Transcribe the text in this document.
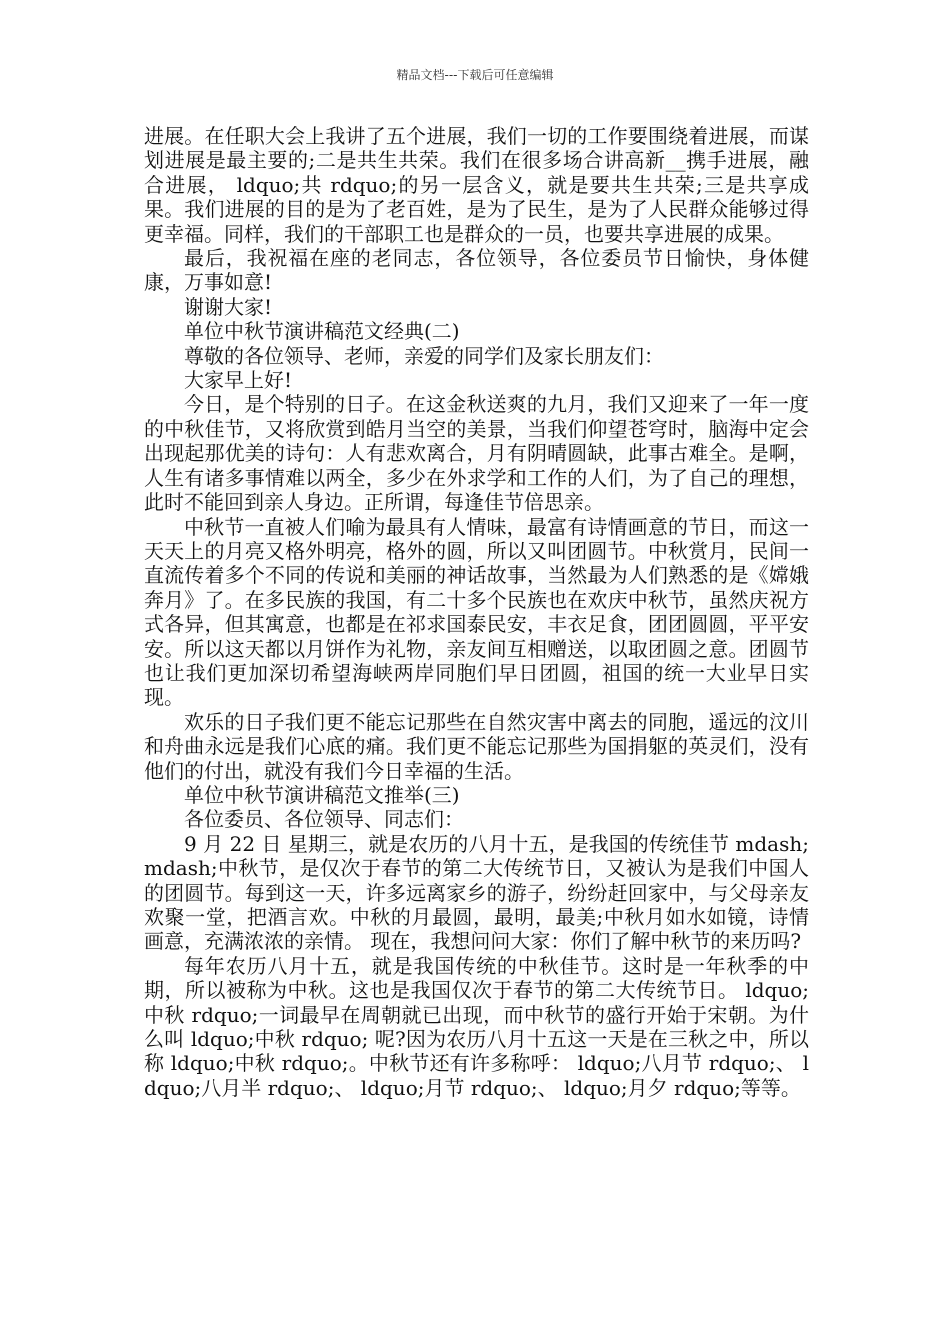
精品文档---下载后可任意编辑

进展。在任职大会上我讲了五个进展，我们一切的工作要围绕着进展，而谋划进展是最主要的;二是共生共荣。我们在很多场合讲高新__携手进展，融合进展， ldquo;共 rdquo;的另一层含义，就是要共生共荣;三是共享成果。我们进展的目的是为了老百姓，是为了民生，是为了人民群众能够过得更幸福。同样，我们的干部职工也是群众的一员，也要共享进展的成果。

最后，我祝福在座的老同志，各位领导，各位委员节日愉快，身体健康，万事如意!

谢谢大家!

单位中秋节演讲稿范文经典(二)

尊敬的各位领导、老师，亲爱的同学们及家长朋友们：

大家早上好!

今日，是个特别的日子。在这金秋送爽的九月，我们又迎来了一年一度的中秋佳节，又将欣赏到皓月当空的美景，当我们仰望苍穹时，脑海中定会出现起那优美的诗句：人有悲欢离合，月有阴晴圆缺，此事古难全。是啊，人生有诸多事情难以两全，多少在外求学和工作的人们，为了自己的理想，此时不能回到亲人身边。正所谓，每逢佳节倍思亲。

中秋节一直被人们喻为最具有人情味，最富有诗情画意的节日，而这一天天上的月亮又格外明亮，格外的圆，所以又叫团圆节。中秋赏月，民间一直流传着多个不同的传说和美丽的神话故事，当然最为人们熟悉的是《嫦娥奔月》了。在多民族的我国，有二十多个民族也在欢庆中秋节，虽然庆祝方式各异，但其寓意，也都是在祁求国泰民安，丰衣足食，团团圆圆，平平安安。所以这天都以月饼作为礼物，亲友间互相赠送，以取团圆之意。团圆节也让我们更加深切希望海峡两岸同胞们早日团圆，祖国的统一大业早日实现。

欢乐的日子我们更不能忘记那些在自然灾害中离去的同胞，遥远的汶川和舟曲永远是我们心底的痛。我们更不能忘记那些为国捐躯的英灵们，没有他们的付出，就没有我们今日幸福的生活。

单位中秋节演讲稿范文推举(三)

各位委员、各位领导、同志们：

9 月 22 日 星期三，就是农历的八月十五，是我国的传统佳节 mdash; mdash;中秋节，是仅次于春节的第二大传统节日，又被认为是我们中国人的团圆节。每到这一天，许多远离家乡的游子，纷纷赶回家中，与父母亲友欢聚一堂，把酒言欢。中秋的月最圆，最明，最美;中秋月如水如镜，诗情画意，充满浓浓的亲情。 现在，我想问问大家：你们了解中秋节的来历吗?

每年农历八月十五，就是我国传统的中秋佳节。这时是一年秋季的中期，所以被称为中秋。这也是我国仅次于春节的第二大传统节日。 ldquo;中秋 rdquo;一词最早在周朝就已出现，而中秋节的盛行开始于宋朝。为什么叫 ldquo;中秋 rdquo; 呢?因为农历八月十五这一天是在三秋之中，所以称 ldquo;中秋 rdquo;。中秋节还有许多称呼： ldquo;八月节 rdquo;、 ldquo;八月半 rdquo;、 ldquo;月节 rdquo;、 ldquo;月夕 rdquo;等等。
